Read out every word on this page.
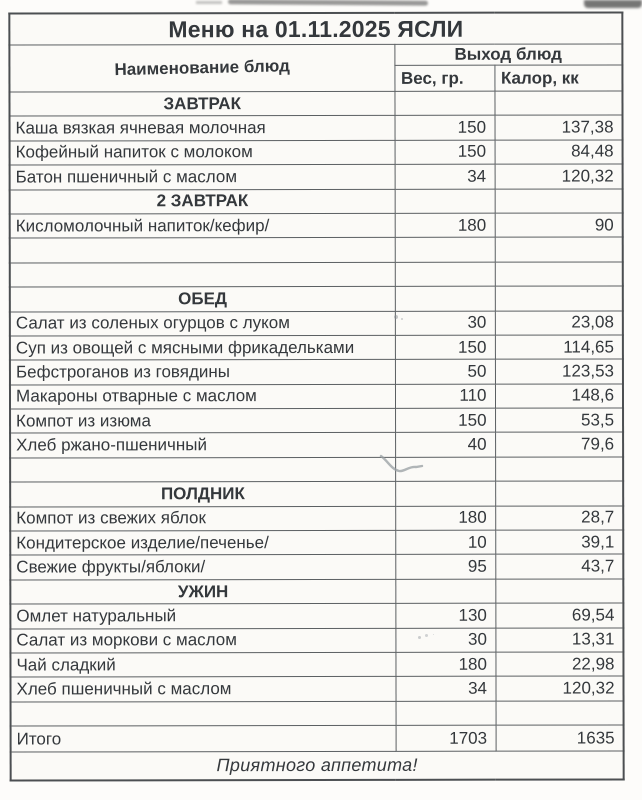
Меню на 01.11.2025 ЯСЛИ		
Наименование блюд	Выход блюд	
	Вес, гр.	Калор, кк
ЗАВТРАК		
Каша вязкая ячневая молочная	150	137,38
Кофейный напиток с молоком	150	84,48
Батон пшеничный с маслом	34	120,32
2 ЗАВТРАК		
Кисломолочный напиток/кефир/	180	90

ОБЕД		
Салат из соленых огурцов с луком	30	23,08
Суп из овощей с мясными фрикадельками	150	114,65
Бефстроганов из говядины	50	123,53
Макароны отварные с маслом	110	148,6
Компот из изюма	150	53,5
Хлеб ржано-пшеничный	40	79,6

ПОЛДНИК		
Компот из свежих яблок	180	28,7
Кондитерское изделие/печенье/	10	39,1
Свежие фрукты/яблоки/	95	43,7
УЖИН		
Омлет натуральный	130	69,54
Салат из моркови с маслом	30	13,31
Чай сладкий	180	22,98
Хлеб пшеничный с маслом	34	120,32

Итого	1703	1635
Приятного аппетита!		
